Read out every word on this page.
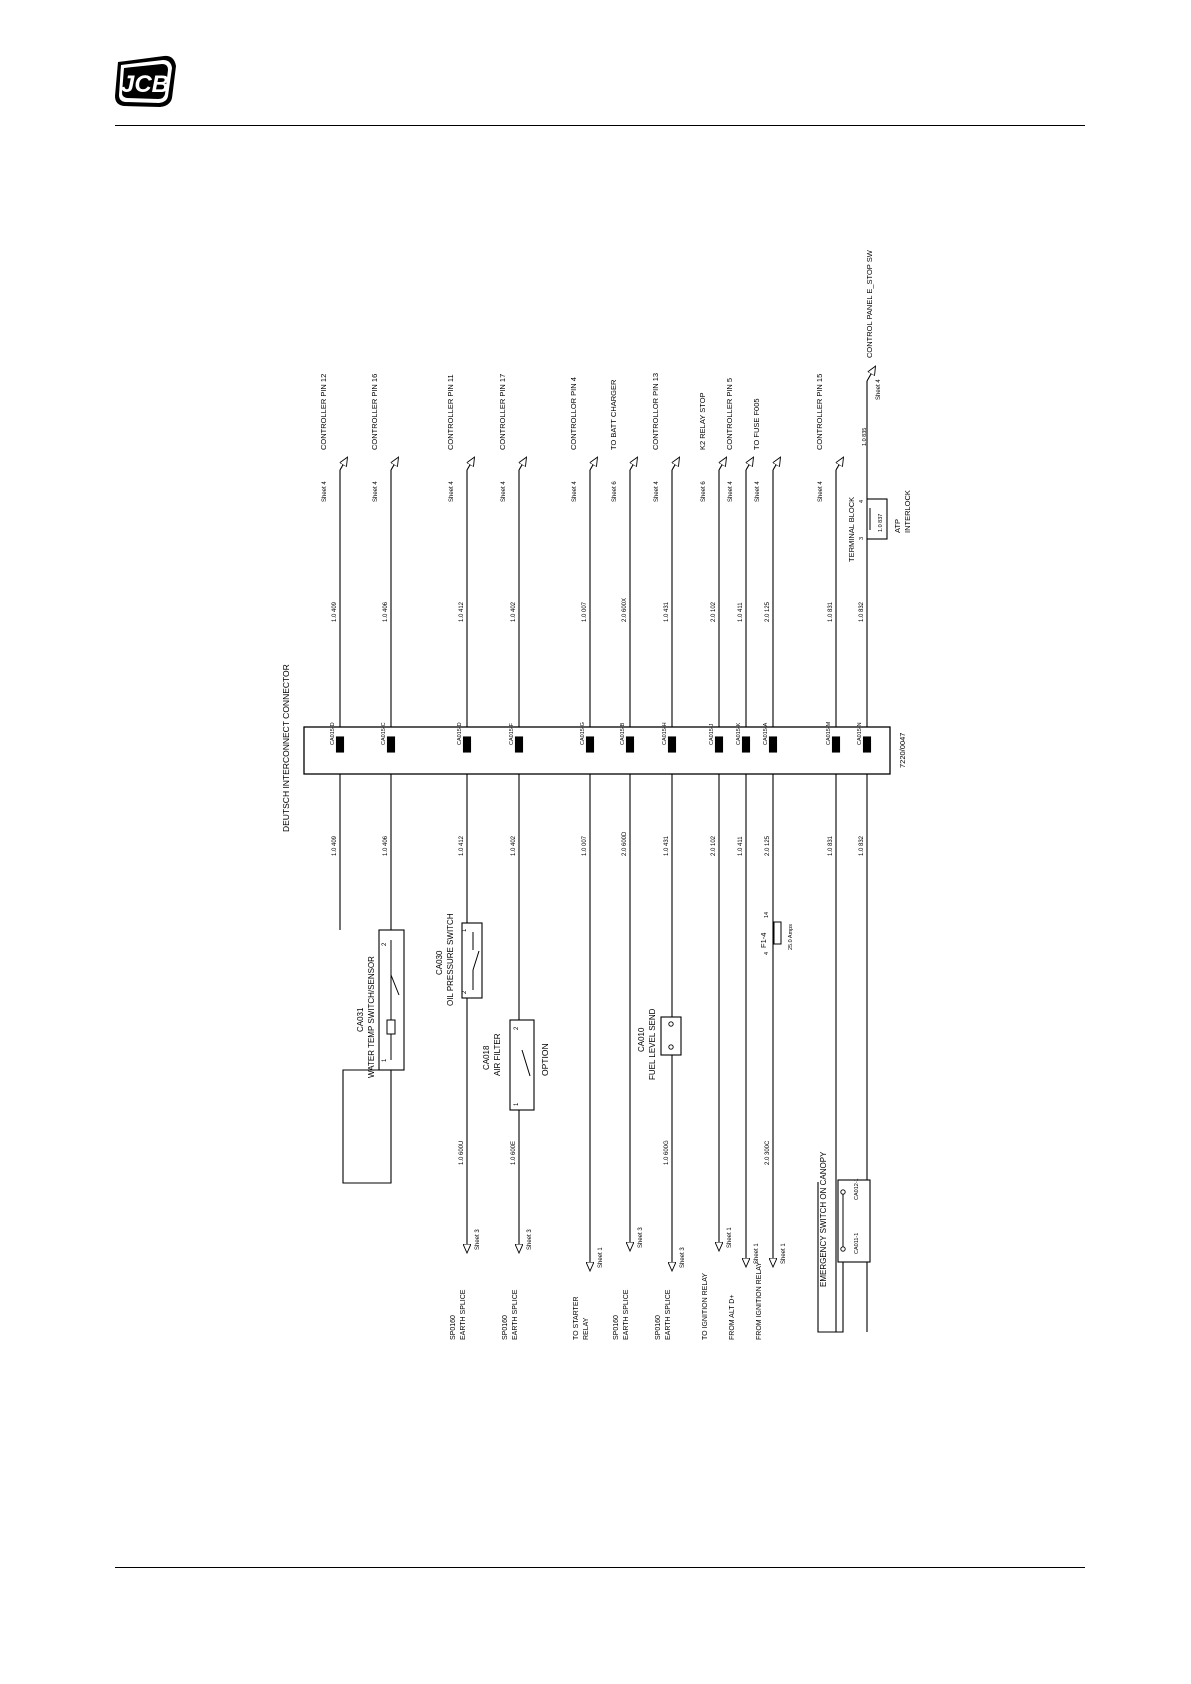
JCB
DEUTSCH INTERCONNECT CONNECTOR	7220/0047
CA015-D
1.0 409
1.0 409
Sheet 4
CONTROLLER PIN 12
CA015-C
1.0 406
1.0 406
Sheet 4
CONTROLLER PIN 16
CA015-D
1.0 412
1.0 412
Sheet 4
CONTROLLER PIN 11
CA015-F
1.0 402
1.0 402
Sheet 4
CONTROLLER PIN 17
CA015-G
1.0 007
1.0 007
Sheet 4
CONTROLLOR PIN 4
CA015-B
2.0 600D
2.0 600X
Sheet 6
TO BATT CHARGER
CA015-H
1.0 431
1.0 431
Sheet 4
CONTROLLOR PIN 13
CA015-J
2.0 102
2.0 102
Sheet 6
K2 RELAY STOP
CA015-K
1.0 411
1.0 411
Sheet 4
CONTROLLER PIN 5
CA015-A
2.0 125
2.0 125
Sheet 4
TO FUSE F005
CA015-M
1.0 831
1.0 831
Sheet 4
CONTROLLER PIN 15
CA015-N
1.0 832
1.0 832
1.0 600U
Sheet 3
SP0160 EARTH SPLICE
1.0 600E
Sheet 3
SP0160 EARTH SPLICE
Sheet 1
TO STARTER RELAY
Sheet 3
SP0160 EARTH SPLICE
1.0 600G
Sheet 3
SP0160 EARTH SPLICE
Sheet 1
TO IGNITION RELAY
Sheet 1
FROM ALT D+
2.0 300C
Sheet 1
FROM IGNITION RELAY
1
2
CA031 WATER TEMP SWITCH/SENSOR
1
2
CA030 OIL PRESSURE SWITCH
1
2
CA018 AIR FILTER	OPTION
CA010 FUEL LEVEL SEND
F1-4	25.0 Amps
4
14
CA011-1
CA012-1
EMERGENCY SWITCH ON CANOPY
3
4
1.0 837
TERMINAL BLOCK	ATP INTERLOCK
1.0 835
Sheet 4
CONTROL PANEL E_STOP SW
